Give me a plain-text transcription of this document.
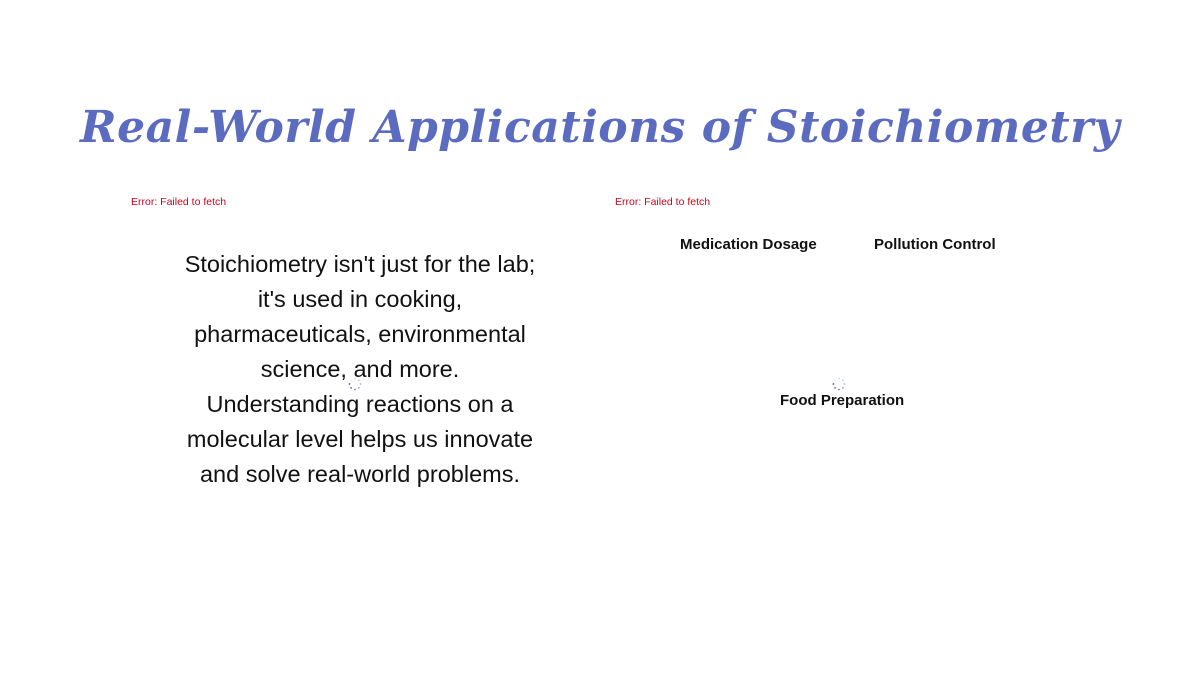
Real-World Applications of Stoichiometry
Error: Failed to fetch

Stoichiometry isn't just for the lab; it's used in cooking, pharmaceuticals, environmental science, and more. Understanding reactions on a molecular level helps us innovate and solve real-world problems.

Error: Failed to fetch
Medication Dosage	Pollution Control
Food Preparation
